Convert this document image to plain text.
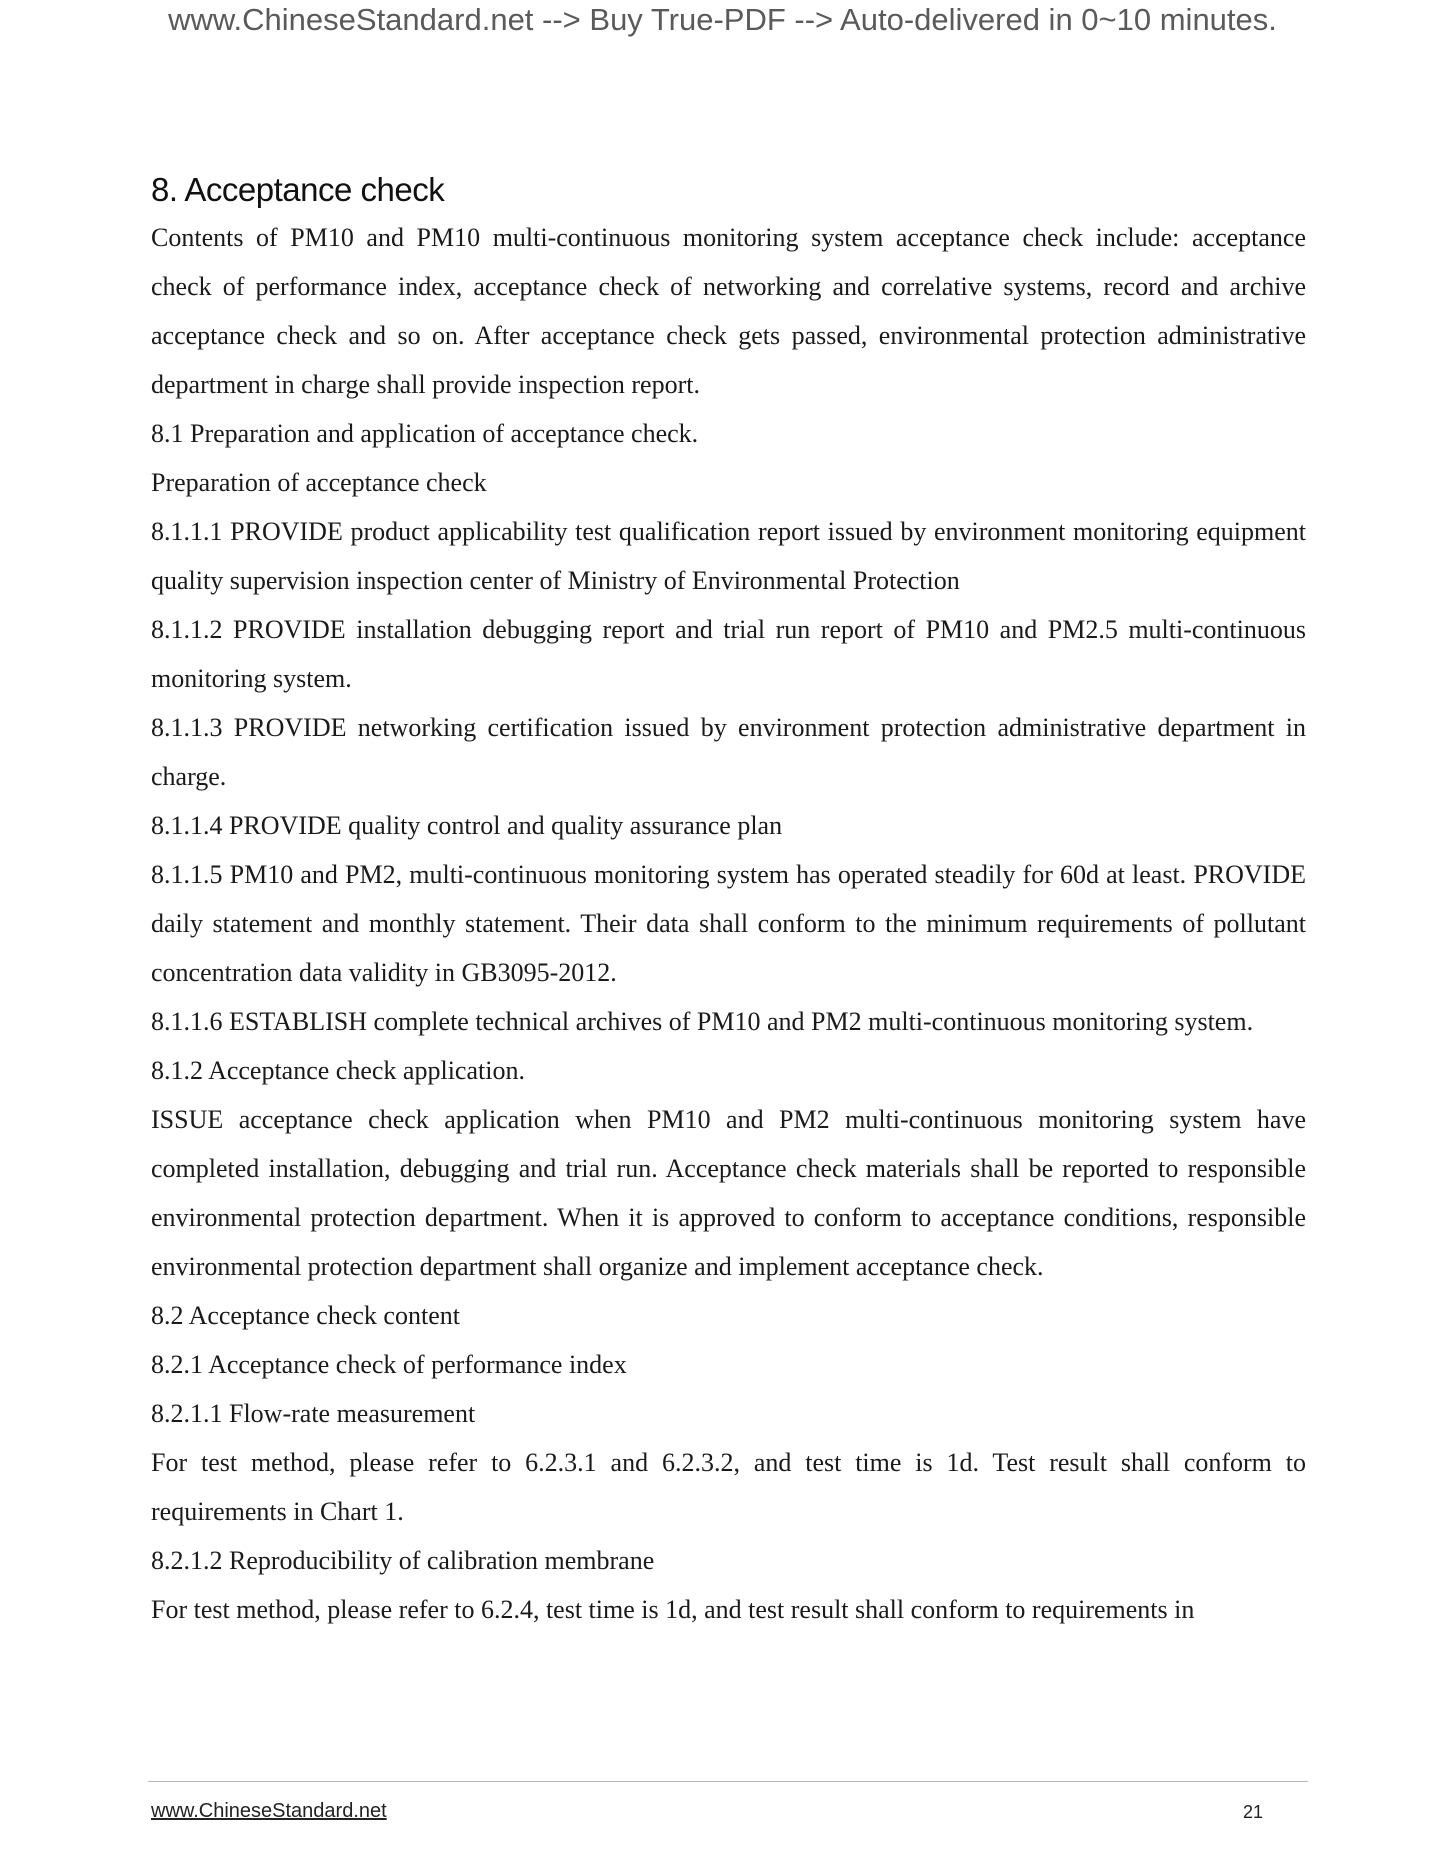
www.ChineseStandard.net --> Buy True-PDF --> Auto-delivered in 0~10 minutes.
8. Acceptance check

Contents of PM10 and PM10 multi-continuous monitoring system acceptance check include: acceptance check of performance index, acceptance check of networking and correlative systems, record and archive acceptance check and so on. After acceptance check gets passed, environmental protection administrative department in charge shall provide inspection report.

8.1 Preparation and application of acceptance check.

Preparation of acceptance check

8.1.1.1 PROVIDE product applicability test qualification report issued by environment monitoring equipment quality supervision inspection center of Ministry of Environmental Protection

8.1.1.2 PROVIDE installation debugging report and trial run report of PM10 and PM2.5 multi-continuous monitoring system.

8.1.1.3 PROVIDE networking certification issued by environment protection administrative department in charge.

8.1.1.4 PROVIDE quality control and quality assurance plan

8.1.1.5 PM10 and PM2, multi-continuous monitoring system has operated steadily for 60d at least. PROVIDE daily statement and monthly statement. Their data shall conform to the minimum requirements of pollutant concentration data validity in GB3095-2012.

8.1.1.6 ESTABLISH complete technical archives of PM10 and PM2 multi-continuous monitoring system.

8.1.2 Acceptance check application.

ISSUE acceptance check application when PM10 and PM2 multi-continuous monitoring system have completed installation, debugging and trial run. Acceptance check materials shall be reported to responsible environmental protection department. When it is approved to conform to acceptance conditions, responsible environmental protection department shall organize and implement acceptance check.

8.2 Acceptance check content

8.2.1 Acceptance check of performance index

8.2.1.1 Flow-rate measurement

For test method, please refer to 6.2.3.1 and 6.2.3.2, and test time is 1d. Test result shall conform to requirements in Chart 1.

8.2.1.2 Reproducibility of calibration membrane

For test method, please refer to 6.2.4, test time is 1d, and test result shall conform to requirements in

www.ChineseStandard.net	21
